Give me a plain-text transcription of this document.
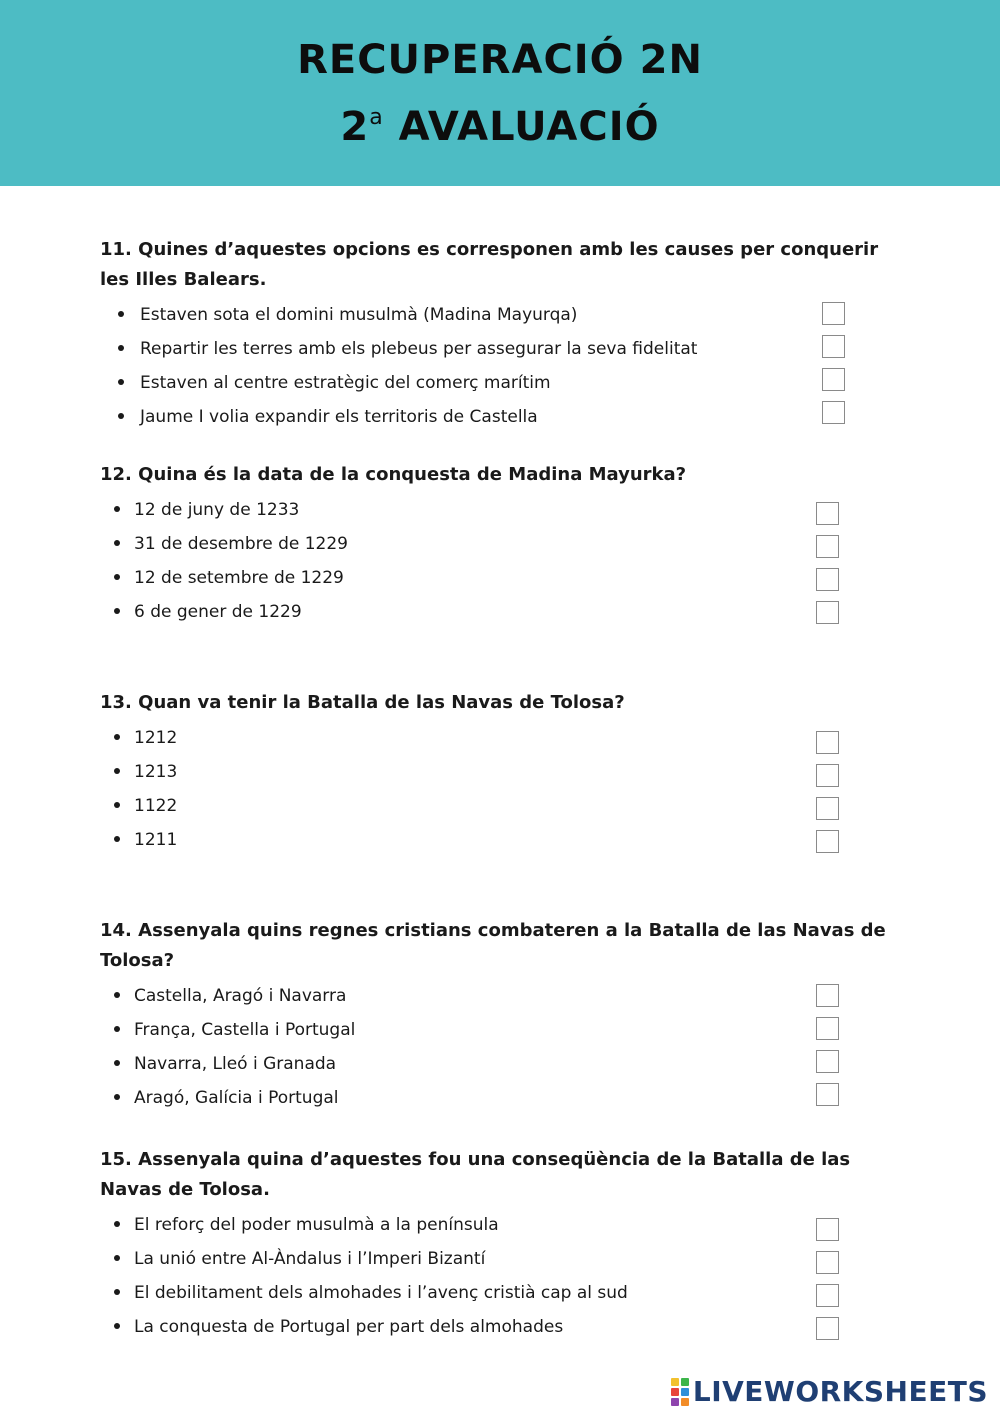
RECUPERACIÓ 2N
2$^a$ AVALUACIÓ
11. Quines d’aquestes opcions es corresponen amb les causes per conquerir les Illes Balears.
Estaven sota el domini musulmà (Madina Mayurqa)
Repartir les terres amb els plebeus per assegurar la seva fidelitat
Estaven al centre estratègic del comerç marítim
Jaume I volia expandir els territoris de Castella
12. Quina és la data de la conquesta de Madina Mayurka?
12 de juny de 1233
31 de desembre de 1229
12 de setembre de 1229
6 de gener de 1229
13. Quan va tenir la Batalla de las Navas de Tolosa?
1212
1213
1122
1211
14. Assenyala quins regnes cristians combateren a la Batalla de las Navas de Tolosa?
Castella, Aragó i Navarra
França, Castella i Portugal
Navarra, Lleó i Granada
Aragó, Galícia i Portugal
15. Assenyala quina d’aquestes fou una conseqüència de la Batalla de las Navas de Tolosa.
El reforç del poder musulmà a la península
La unió entre Al-Àndalus i l’Imperi Bizantí
El debilitament dels almohades i l’avenç cristià cap al sud
La conquesta de Portugal per part dels almohades
LIVEWORKSHEETS
